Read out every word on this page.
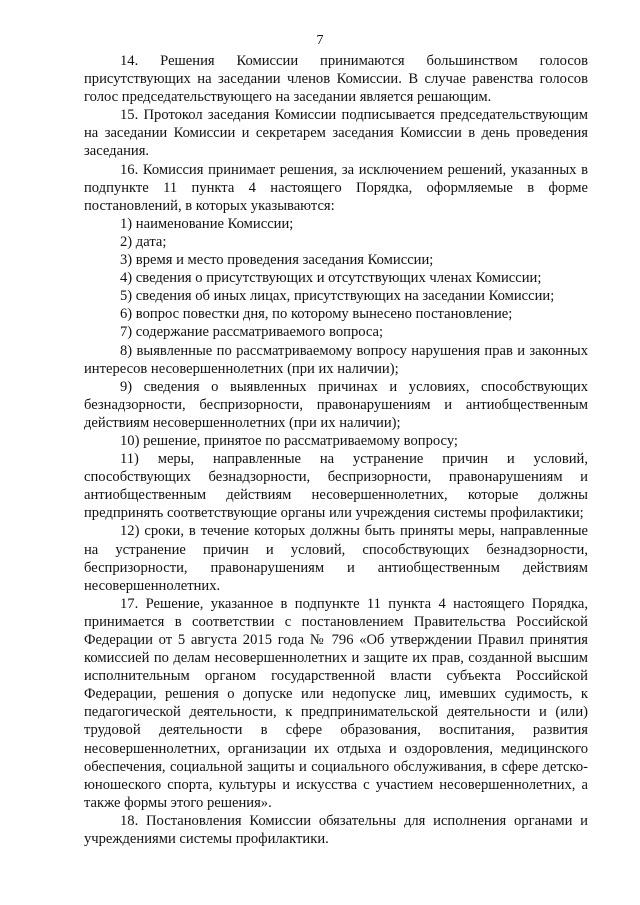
7

14. Решения Комиссии принимаются большинством голосов присутствующих на заседании членов Комиссии. В случае равенства голосов голос председательствующего на заседании является решающим.

15. Протокол заседания Комиссии подписывается председательствующим на заседании Комиссии и секретарем заседания Комиссии в день проведения заседания.

16. Комиссия принимает решения, за исключением решений, указанных в подпункте 11 пункта 4 настоящего Порядка, оформляемые в форме постановлений, в которых указываются:

1) наименование Комиссии;

2) дата;

3) время и место проведения заседания Комиссии;

4) сведения о присутствующих и отсутствующих членах Комиссии;

5) сведения об иных лицах, присутствующих на заседании Комиссии;

6) вопрос повестки дня, по которому вынесено постановление;

7) содержание рассматриваемого вопроса;

8) выявленные по рассматриваемому вопросу нарушения прав и законных интересов несовершеннолетних (при их наличии);

9) сведения о выявленных причинах и условиях, способствующих безнадзорности, беспризорности, правонарушениям и антиобщественным действиям несовершеннолетних (при их наличии);

10) решение, принятое по рассматриваемому вопросу;

11) меры, направленные на устранение причин и условий, способствующих безнадзорности, беспризорности, правонарушениям и антиобщественным действиям несовершеннолетних, которые должны предпринять соответствующие органы или учреждения системы профилактики;

12) сроки, в течение которых должны быть приняты меры, направленные на устранение причин и условий, способствующих безнадзорности, беспризорности, правонарушениям и антиобщественным действиям несовершеннолетних.

17. Решение, указанное в подпункте 11 пункта 4 настоящего Порядка, принимается в соответствии с постановлением Правительства Российской Федерации от 5 августа 2015 года № 796 «Об утверждении Правил принятия комиссией по делам несовершеннолетних и защите их прав, созданной высшим исполнительным органом государственной власти субъекта Российской Федерации, решения о допуске или недопуске лиц, имевших судимость, к педагогической деятельности, к предпринимательской деятельности и (или) трудовой деятельности в сфере образования, воспитания, развития несовершеннолетних, организации их отдыха и оздоровления, медицинского обеспечения, социальной защиты и социального обслуживания, в сфере детско-юношеского спорта, культуры и искусства с участием несовершеннолетних, а также формы этого решения».

18. Постановления Комиссии обязательны для исполнения органами и учреждениями системы профилактики.
